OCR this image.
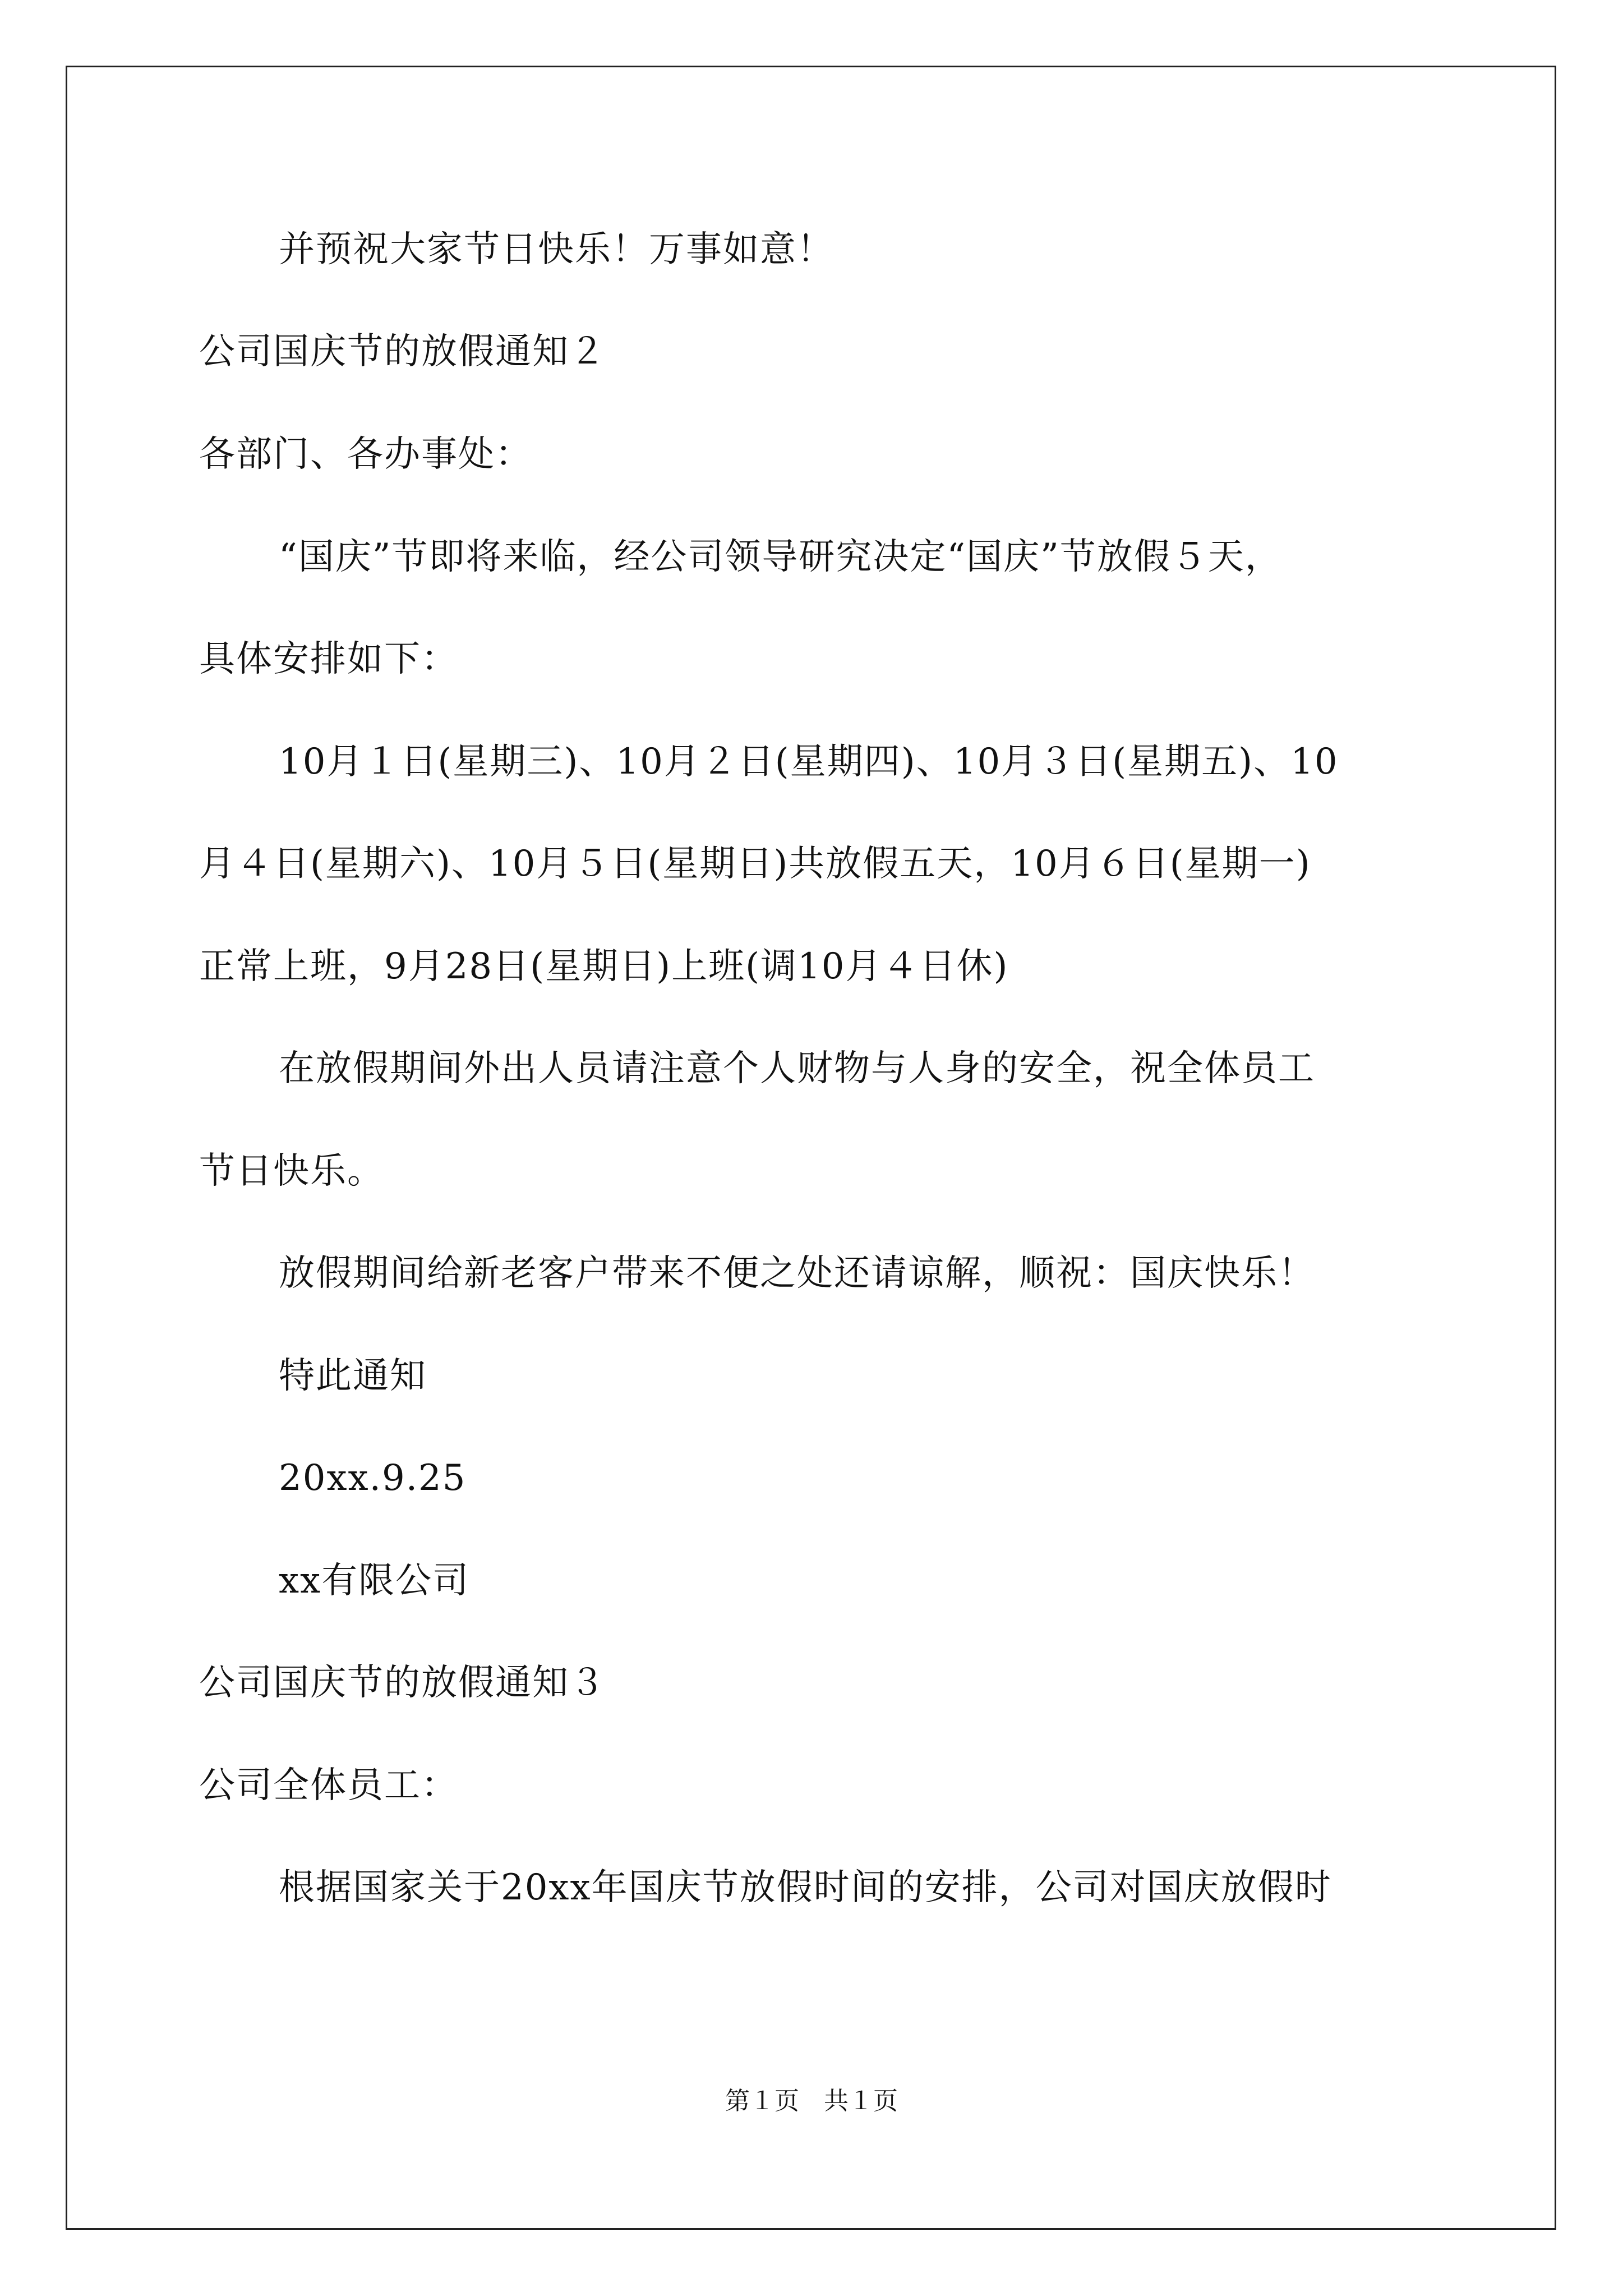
并预祝大家节日快乐！万事如意！
公司国庆节的放假通知２
各部门、各办事处：
“国庆”节即将来临，经公司领导研究决定“国庆”节放假５天，
具体安排如下：
10月１日(星期三)、10月２日(星期四)、10月３日(星期五)、10
月４日(星期六)、10月５日(星期日)共放假五天，10月６日(星期一)
正常上班，9月28日(星期日)上班(调10月４日休)
在放假期间外出人员请注意个人财物与人身的安全，祝全体员工
节日快乐。
放假期间给新老客户带来不便之处还请谅解，顺祝：国庆快乐！
特此通知
20xx.9.25
xx有限公司
公司国庆节的放假通知３
公司全体员工：
根据国家关于20xx年国庆节放假时间的安排，公司对国庆放假时
第１页　共１页
